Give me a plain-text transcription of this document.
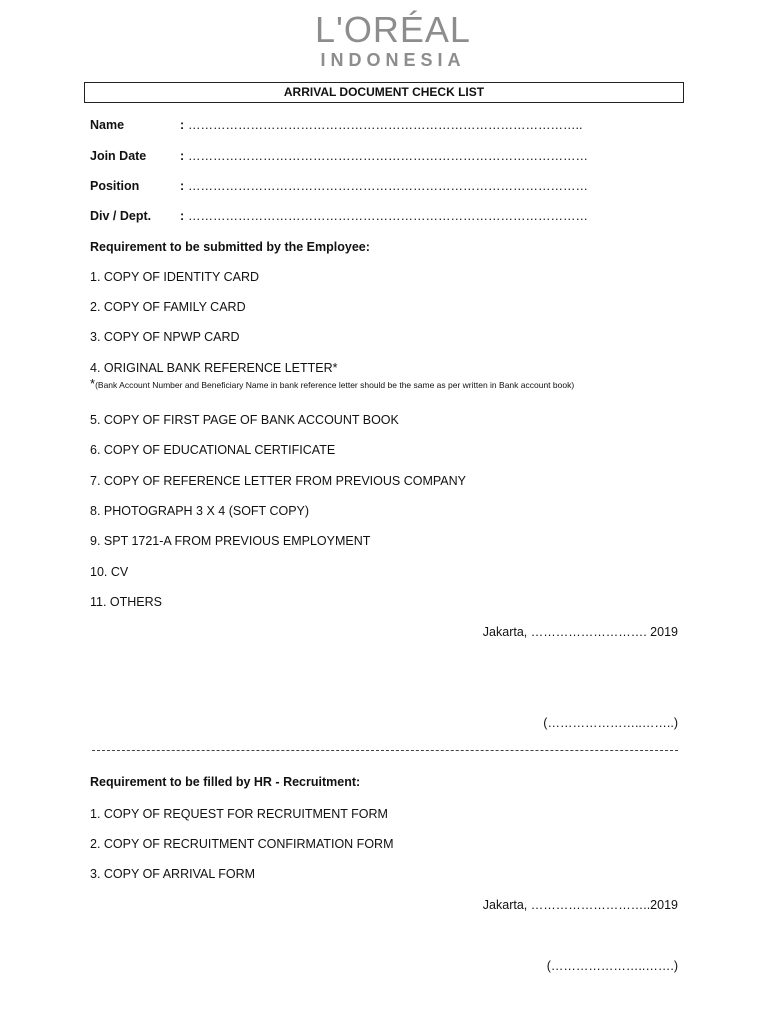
L'ORÉAL
INDONESIA
ARRIVAL DOCUMENT CHECK LIST
Name	: …………………………………………………………………………………..
Join Date	: ……………………………………………………………………………………
Position	: ……………………………………………………………………………………
Div / Dept. : ……………………………………………………………………………………
Requirement to be submitted by the Employee:
1. COPY OF IDENTITY CARD
2. COPY OF FAMILY CARD
3. COPY OF NPWP CARD
4. ORIGINAL BANK REFERENCE LETTER*
*(Bank Account Number and Beneficiary Name in bank reference letter should be the same as per written in Bank account book)
5. COPY OF FIRST PAGE OF BANK ACCOUNT BOOK
6. COPY OF EDUCATIONAL CERTIFICATE
7. COPY OF REFERENCE LETTER FROM PREVIOUS COMPANY
8. PHOTOGRAPH 3 X 4 (SOFT COPY)
9. SPT 1721-A FROM PREVIOUS EMPLOYMENT
10. CV
11. OTHERS
Jakarta, ………………………. 2019
(…………………..……..)
Requirement to be filled by HR - Recruitment:
1. COPY OF REQUEST FOR RECRUITMENT FORM
2. COPY OF RECRUITMENT CONFIRMATION FORM
3. COPY OF ARRIVAL FORM
Jakarta, ………………………..2019
(…………………..…….)
